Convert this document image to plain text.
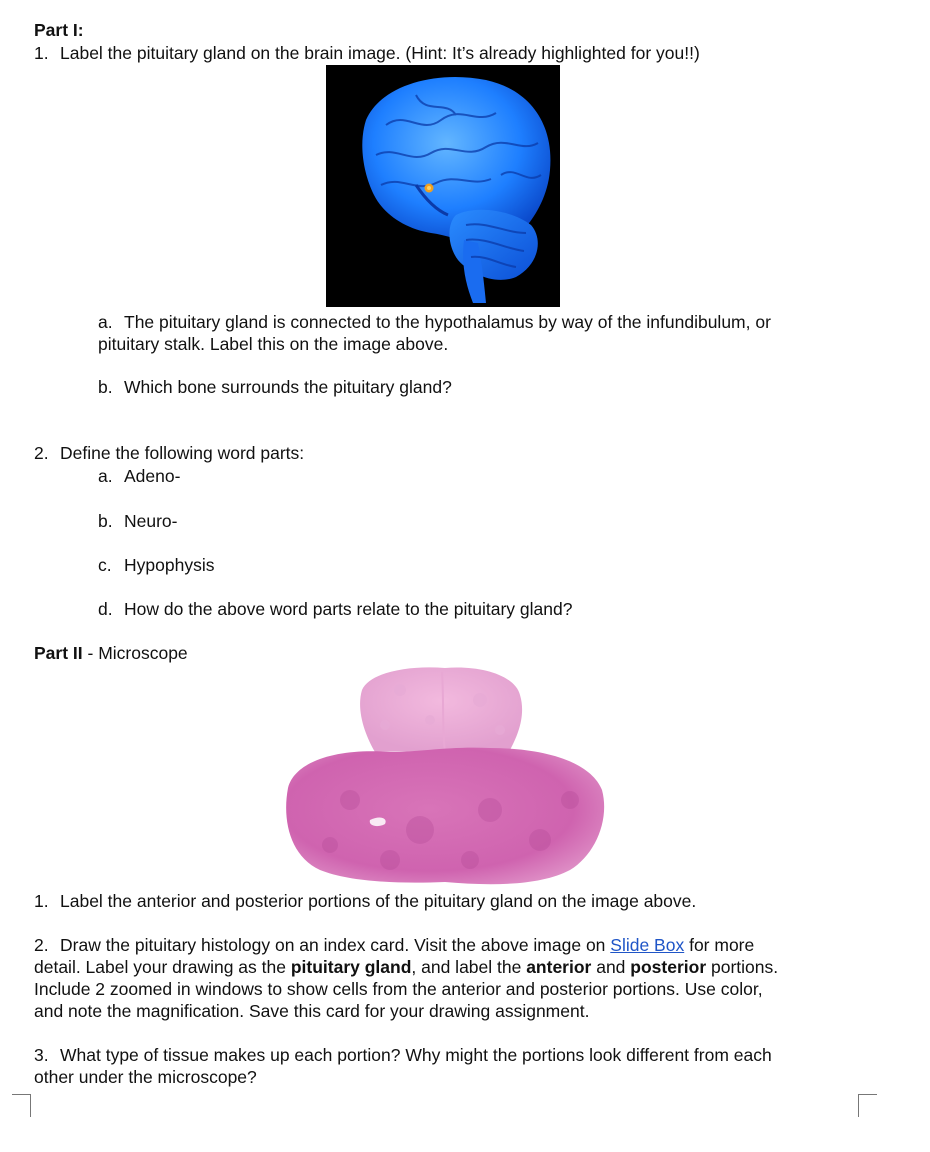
Part I:
1. Label the pituitary gland on the brain image. (Hint: It’s already highlighted for you!!)
a. The pituitary gland is connected to the hypothalamus by way of the infundibulum, or
pituitary stalk. Label this on the image above.
b. Which bone surrounds the pituitary gland?
2. Define the following word parts:
a. Adeno-
b. Neuro-
c. Hypophysis
d. How do the above word parts relate to the pituitary gland?
Part II - Microscope
1. Label the anterior and posterior portions of the pituitary gland on the image above.
2. Draw the pituitary histology on an index card. Visit the above image on Slide Box for more
detail. Label your drawing as the pituitary gland, and label the anterior and posterior portions.
Include 2 zoomed in windows to show cells from the anterior and posterior portions. Use color,
and note the magnification. Save this card for your drawing assignment.
3. What type of tissue makes up each portion? Why might the portions look different from each
other under the microscope?
